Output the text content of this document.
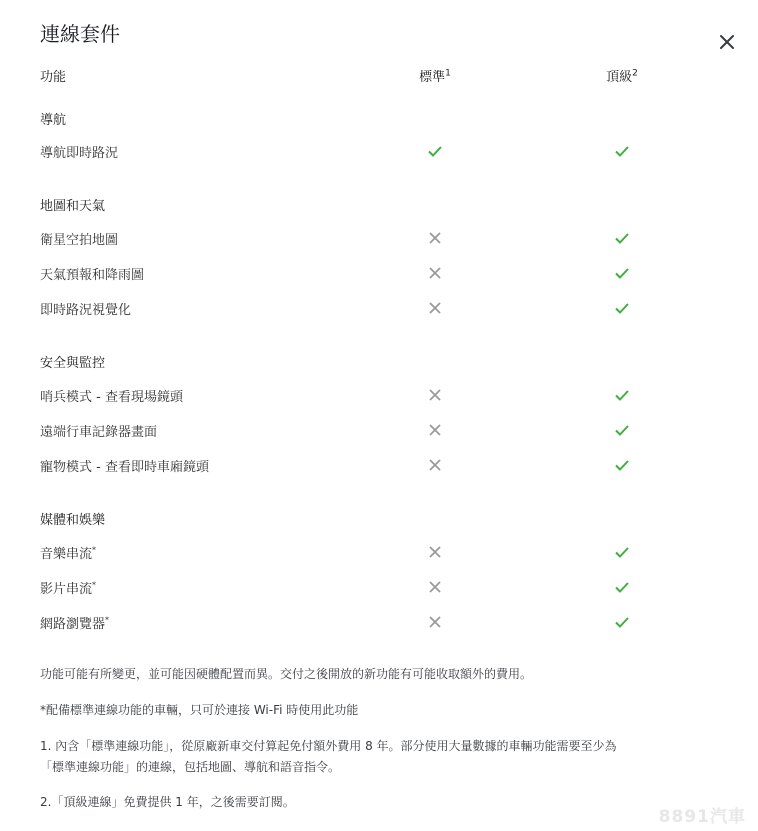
連線套件
功能	標準$^1$	頂級$^2$
導航
導航即時路況
地圖和天氣
衛星空拍地圖
天氣預報和降雨圖
即時路況視覺化
安全與監控
哨兵模式 - 查看現場鏡頭
遠端行車記錄器畫面
寵物模式 - 查看即時車廂鏡頭
媒體和娛樂
音樂串流*
影片串流*
網路瀏覽器*
功能可能有所變更，並可能因硬體配置而異。交付之後開放的新功能有可能收取額外的費用。
*配備標準連線功能的車輛，只可於連接 Wi-Fi 時使用此功能
1. 內含「標準連線功能」，從原廠新車交付算起免付額外費用 8 年。部分使用大量數據的車輛功能需要至少為
「標準連線功能」的連線，包括地圖、導航和語音指令。
2.「頂級連線」免費提供 1 年，之後需要訂閱。
8891汽車
